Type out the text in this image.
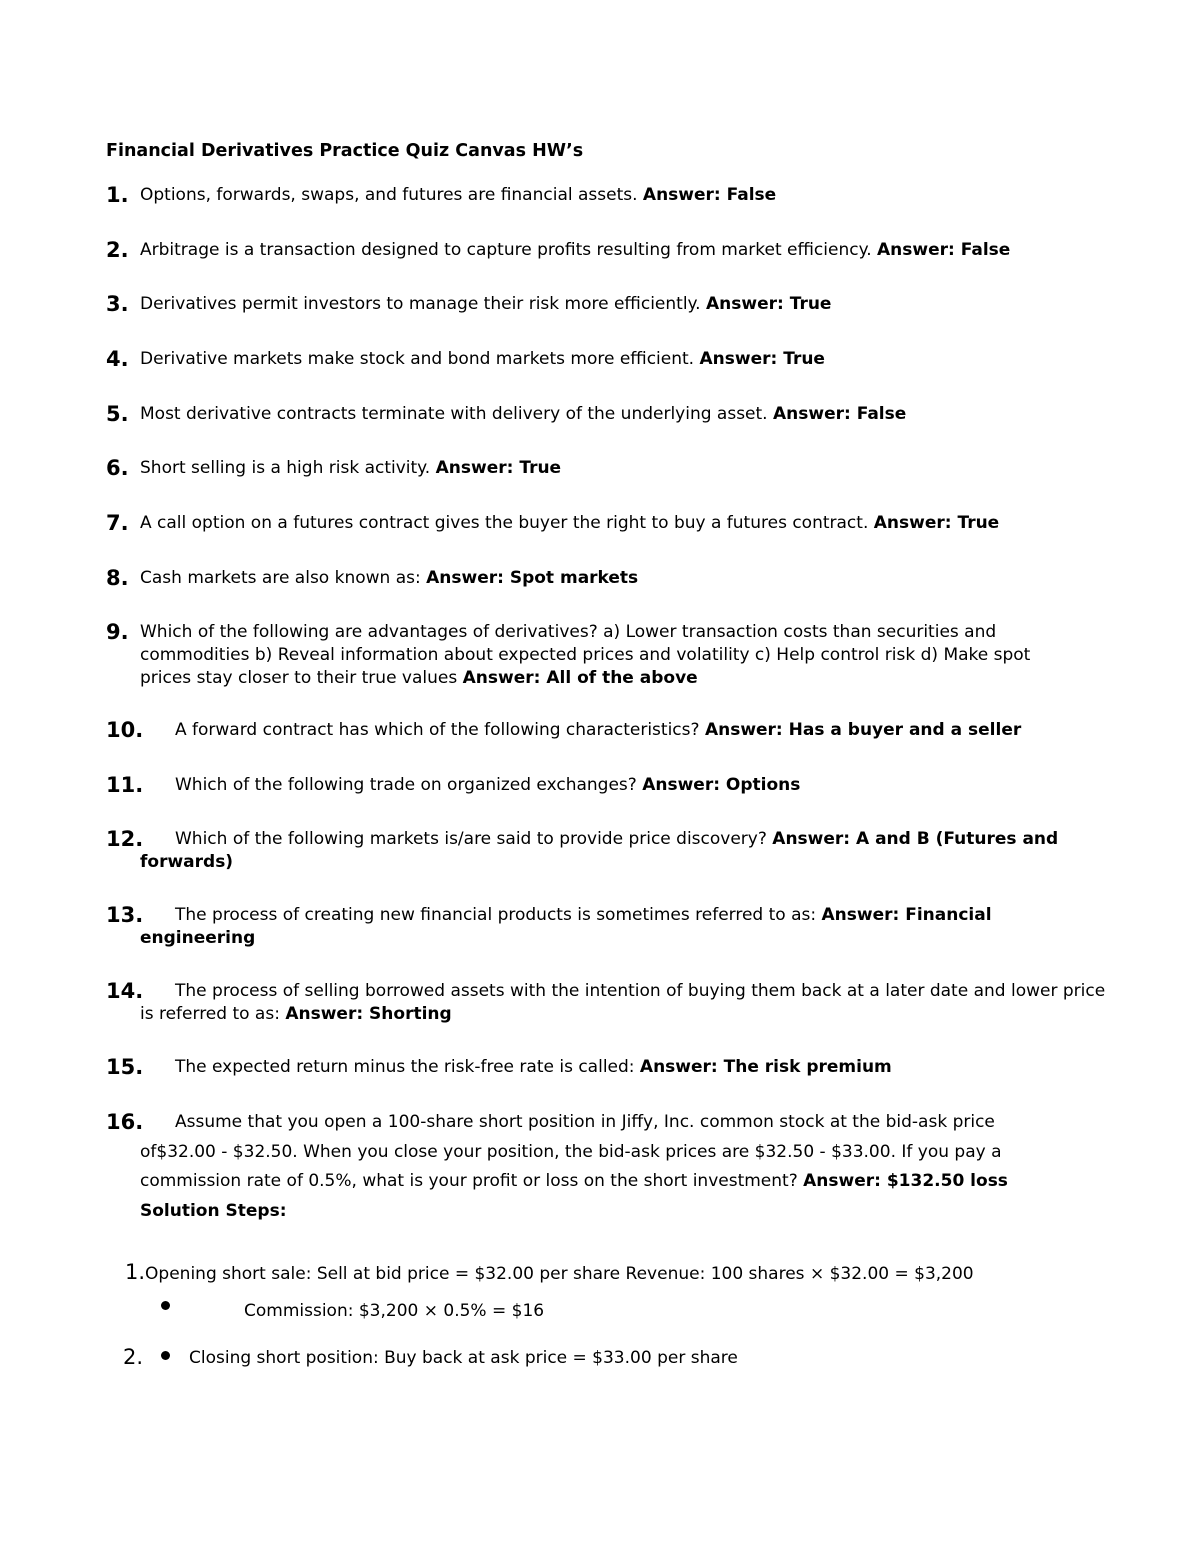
Financial Derivatives Practice Quiz Canvas HW’s
1. Options, forwards, swaps, and futures are financial assets. Answer: False
2. Arbitrage is a transaction designed to capture profits resulting from market efficiency. Answer: False
3. Derivatives permit investors to manage their risk more efficiently. Answer: True
4. Derivative markets make stock and bond markets more efficient. Answer: True
5. Most derivative contracts terminate with delivery of the underlying asset. Answer: False
6. Short selling is a high risk activity. Answer: True
7. A call option on a futures contract gives the buyer the right to buy a futures contract. Answer: True
8. Cash markets are also known as: Answer: Spot markets
9. Which of the following are advantages of derivatives? a) Lower transaction costs than securities and commodities b) Reveal information about expected prices and volatility c) Help control risk d) Make spot prices stay closer to their true values Answer: All of the above
10.	A forward contract has which of the following characteristics? Answer: Has a buyer and a seller
11.	Which of the following trade on organized exchanges? Answer: Options
12.	Which of the following markets is/are said to provide price discovery? Answer: A and B (Futures and forwards)
13.	The process of creating new financial products is sometimes referred to as: Answer: Financial engineering
14.	The process of selling borrowed assets with the intention of buying them back at a later date and lower price is referred to as: Answer: Shorting
15.	The expected return minus the risk-free rate is called: Answer: The risk premium
16.	Assume that you open a 100-share short position in Jiffy, Inc. common stock at the bid-ask price of$32.00 - $32.50. When you close your position, the bid-ask prices are $32.50 - $33.00. If you pay a commission rate of 0.5%, what is your profit or loss on the short investment? Answer: $132.50 loss
Solution Steps:
1.Opening short sale: Sell at bid price = $32.00 per share Revenue: 100 shares × $32.00 = $3,200
Commission: $3,200 × 0.5% = $16
2.	Closing short position: Buy back at ask price = $33.00 per share
